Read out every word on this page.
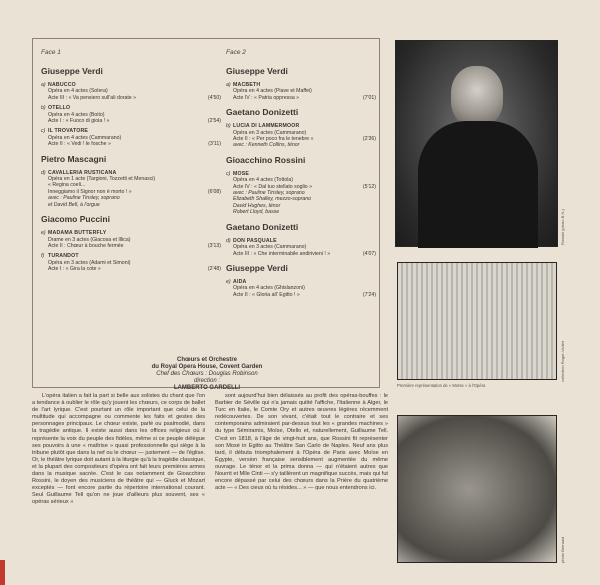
Face 1
Giuseppe Verdi
a) NABUCCO
Opéra en 4 actes (Solera)
(4'50)
Acte III : « Va pensiero sull'ali dorate »
b) OTELLO
Opéra en 4 actes (Boito)
(2'54)
Acte I : « Fuoco di gioia ! »
c) IL TROVATORE
Opéra en 4 actes (Cammarano)
(3'11)
Acte II : « Vedi ! le fosche »
Pietro Mascagni
d) CAVALLERIA RUSTICANA
Opéra en 1 acte (Targioni, Tozzetti et Menasci)
« Regina coeli...
(6'08)
Inneggiamo il Signor non è morto ! »
avec : Pauline Tinsley, soprano
et David Bell, à l'orgue
Giacomo Puccini
e) MADAMA BUTTERFLY
Drame en 3 actes (Giacosa et Illica)
(3'13)
Acte II : Chœur à bouche fermée
f) TURANDOT
Opéra en 3 actes (Adami et Simoni)
(2'48)
Acte I : « Gira la cote »
Face 2
Giuseppe Verdi
a) MACBETH
Opéra en 4 actes (Piave et Maffei)
(7'01)
Acte IV : « Patria oppressa »
Gaetano Donizetti
b) LUCIA DI LAMMERMOOR
Opéra en 3 actes (Cammarano)
(2'36)
Acte II : « Per poco fra le tenebre »
avec : Kenneth Collins, ténor
Gioacchino Rossini
c) MOSE
Opéra en 4 actes (Tottola)
(5'12)
Acte IV : « Dal tuo stellato soglio »
avec : Pauline Tinsley, soprano
Elizabeth Shalley, mezzo-soprano
David Hughes, ténor
Robert Lloyd, basse
Gaetano Donizetti
d) DON PASQUALE
Opéra en 3 actes (Cammarano)
(4'07)
Acte III : « Che interminabile andirivieni ! »
Giuseppe Verdi
e) AIDA
Opéra en 4 actes (Ghislanzoni)
(7'24)
Acte II : « Gloria all' Egitto ! »
Chœurs et Orchestre
du Royal Opera House, Covent Garden
Chef des Chœurs : Douglas Robinson
direction :
LAMBERTO GARDELLI
Rossini (photo B.N.)
Première représentation de « Moïse » à l'Opéra
collection Roger-Viollet
photo Bernand

L'opéra italien a fait la part si belle aux solistes du chant que l'on a tendance à oublier le rôle qu'y jouent les chœurs, ce corps de ballet de l'art lyrique. C'est pourtant un rôle important que celui de la multitude qui accompagne ou commente les faits et gestes des personnages principaux. Le chœur existe, parlé ou psalmodié, dans la tragédie antique. Il existe aussi dans les offices religieux où il représente la voix du peuple des fidèles, même si ce peuple délègue ses pouvoirs à une « maîtrise » quasi professionnelle qui siège à la tribune plutôt que dans la nef ou le chœur — justement — de l'église. Or, le théâtre lyrique doit autant à la liturgie qu'à la tragédie classique, et la plupart des compositeurs d'opéra ont fait leurs premières armes dans la musique sacrée. C'est le cas notamment de Gioacchino Rossini, le doyen des musiciens de théâtre qui — Gluck et Mozart exceptés — font encore partie du répertoire international courant. Seul Guillaume Tell qu'on ne joue d'ailleurs plus souvent, ses « opéras sérieux »

sont aujourd'hui bien délaissés au profit des opéras-bouffes : le Barbier de Séville qui n'a jamais quitté l'affiche, l'Italienne à Alger, le Turc en Italie, le Comte Ory et autres œuvres légères récemment redécouvertes. De son vivant, c'était tout le contraire et ses contemporains admiraient par-dessus tout les « grandes machines » du type Sémiramis, Moïse, Otello et, naturellement, Guillaume Tell. C'est en 1818, à l'âge de vingt-huit ans, que Rossini fit représenter son Mosè in Egitto au Théâtre San Carlo de Naples. Neuf ans plus tard, il débuta triomphalement à l'Opéra de Paris avec Moïse en Égypte, version française sensiblement augmentée du même ouvrage. Le ténor et la prima donna — qui n'étaient autres que Nourrit et Mlle Cinti — s'y taillèrent un magnifique succès, mais qui fut encore dépassé par celui des chœurs dans la Prière du quatrième acte — « Des cieux où tu résides... » — que nous entendrons ici.
